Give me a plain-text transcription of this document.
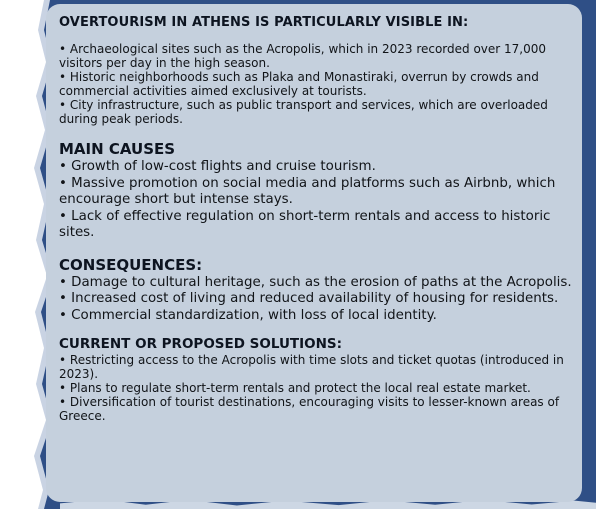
OVERTOURISM IN ATHENS IS PARTICULARLY VISIBLE IN:
• Archaeological sites such as the Acropolis, which in 2023 recorded over 17,000 visitors per day in the high season.
• Historic neighborhoods such as Plaka and Monastiraki, overrun by crowds and commercial activities aimed exclusively at tourists.
• City infrastructure, such as public transport and services, which are overloaded during peak periods.
MAIN CAUSES
• Growth of low-cost flights and cruise tourism.
• Massive promotion on social media and platforms such as Airbnb, which encourage short but intense stays.
• Lack of effective regulation on short-term rentals and access to historic sites.
CONSEQUENCES:
• Damage to cultural heritage, such as the erosion of paths at the Acropolis.
• Increased cost of living and reduced availability of housing for residents.
• Commercial standardization, with loss of local identity.
CURRENT OR PROPOSED SOLUTIONS:
• Restricting access to the Acropolis with time slots and ticket quotas (introduced in 2023).
• Plans to regulate short-term rentals and protect the local real estate market.
• Diversification of tourist destinations, encouraging visits to lesser-known areas of Greece.
